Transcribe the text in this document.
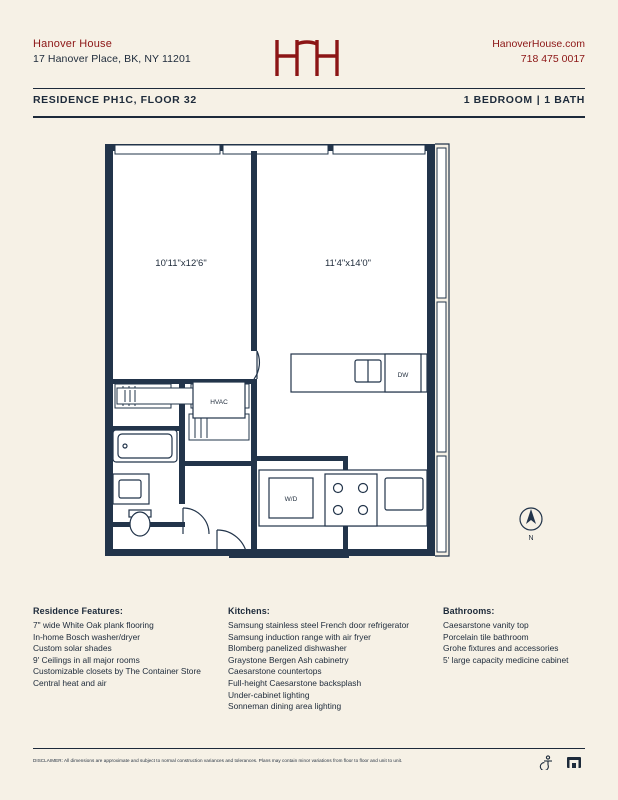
Hanover House
17 Hanover Place, BK, NY 11201
HanoverHouse.com
718 475 0017
RESIDENCE PH1C, FLOOR 32	1 BEDROOM | 1 BATH
10'11"x12'6"	11'4"x14'0"
HVAC
DW
W/D
N
Residence Features:
7" wide White Oak plank flooring
In-home Bosch washer/dryer
Custom solar shades
9' Ceilings in all major rooms
Customizable closets by The Container Store
Central heat and air
Kitchens:
Samsung stainless steel French door refrigerator
Samsung induction range with air fryer
Blomberg panelized dishwasher
Graystone Bergen Ash cabinetry
Caesarstone countertops
Full-height Caesarstone backsplash
Under-cabinet lighting
Sonneman dining area lighting
Bathrooms:
Caesarstone vanity top
Porcelain tile bathroom
Grohe fixtures and accessories
5' large capacity medicine cabinet
DISCLAIMER: All dimensions are approximate and subject to normal construction variances and tolerances. Plans may contain minor variations from floor to floor and unit to unit.
